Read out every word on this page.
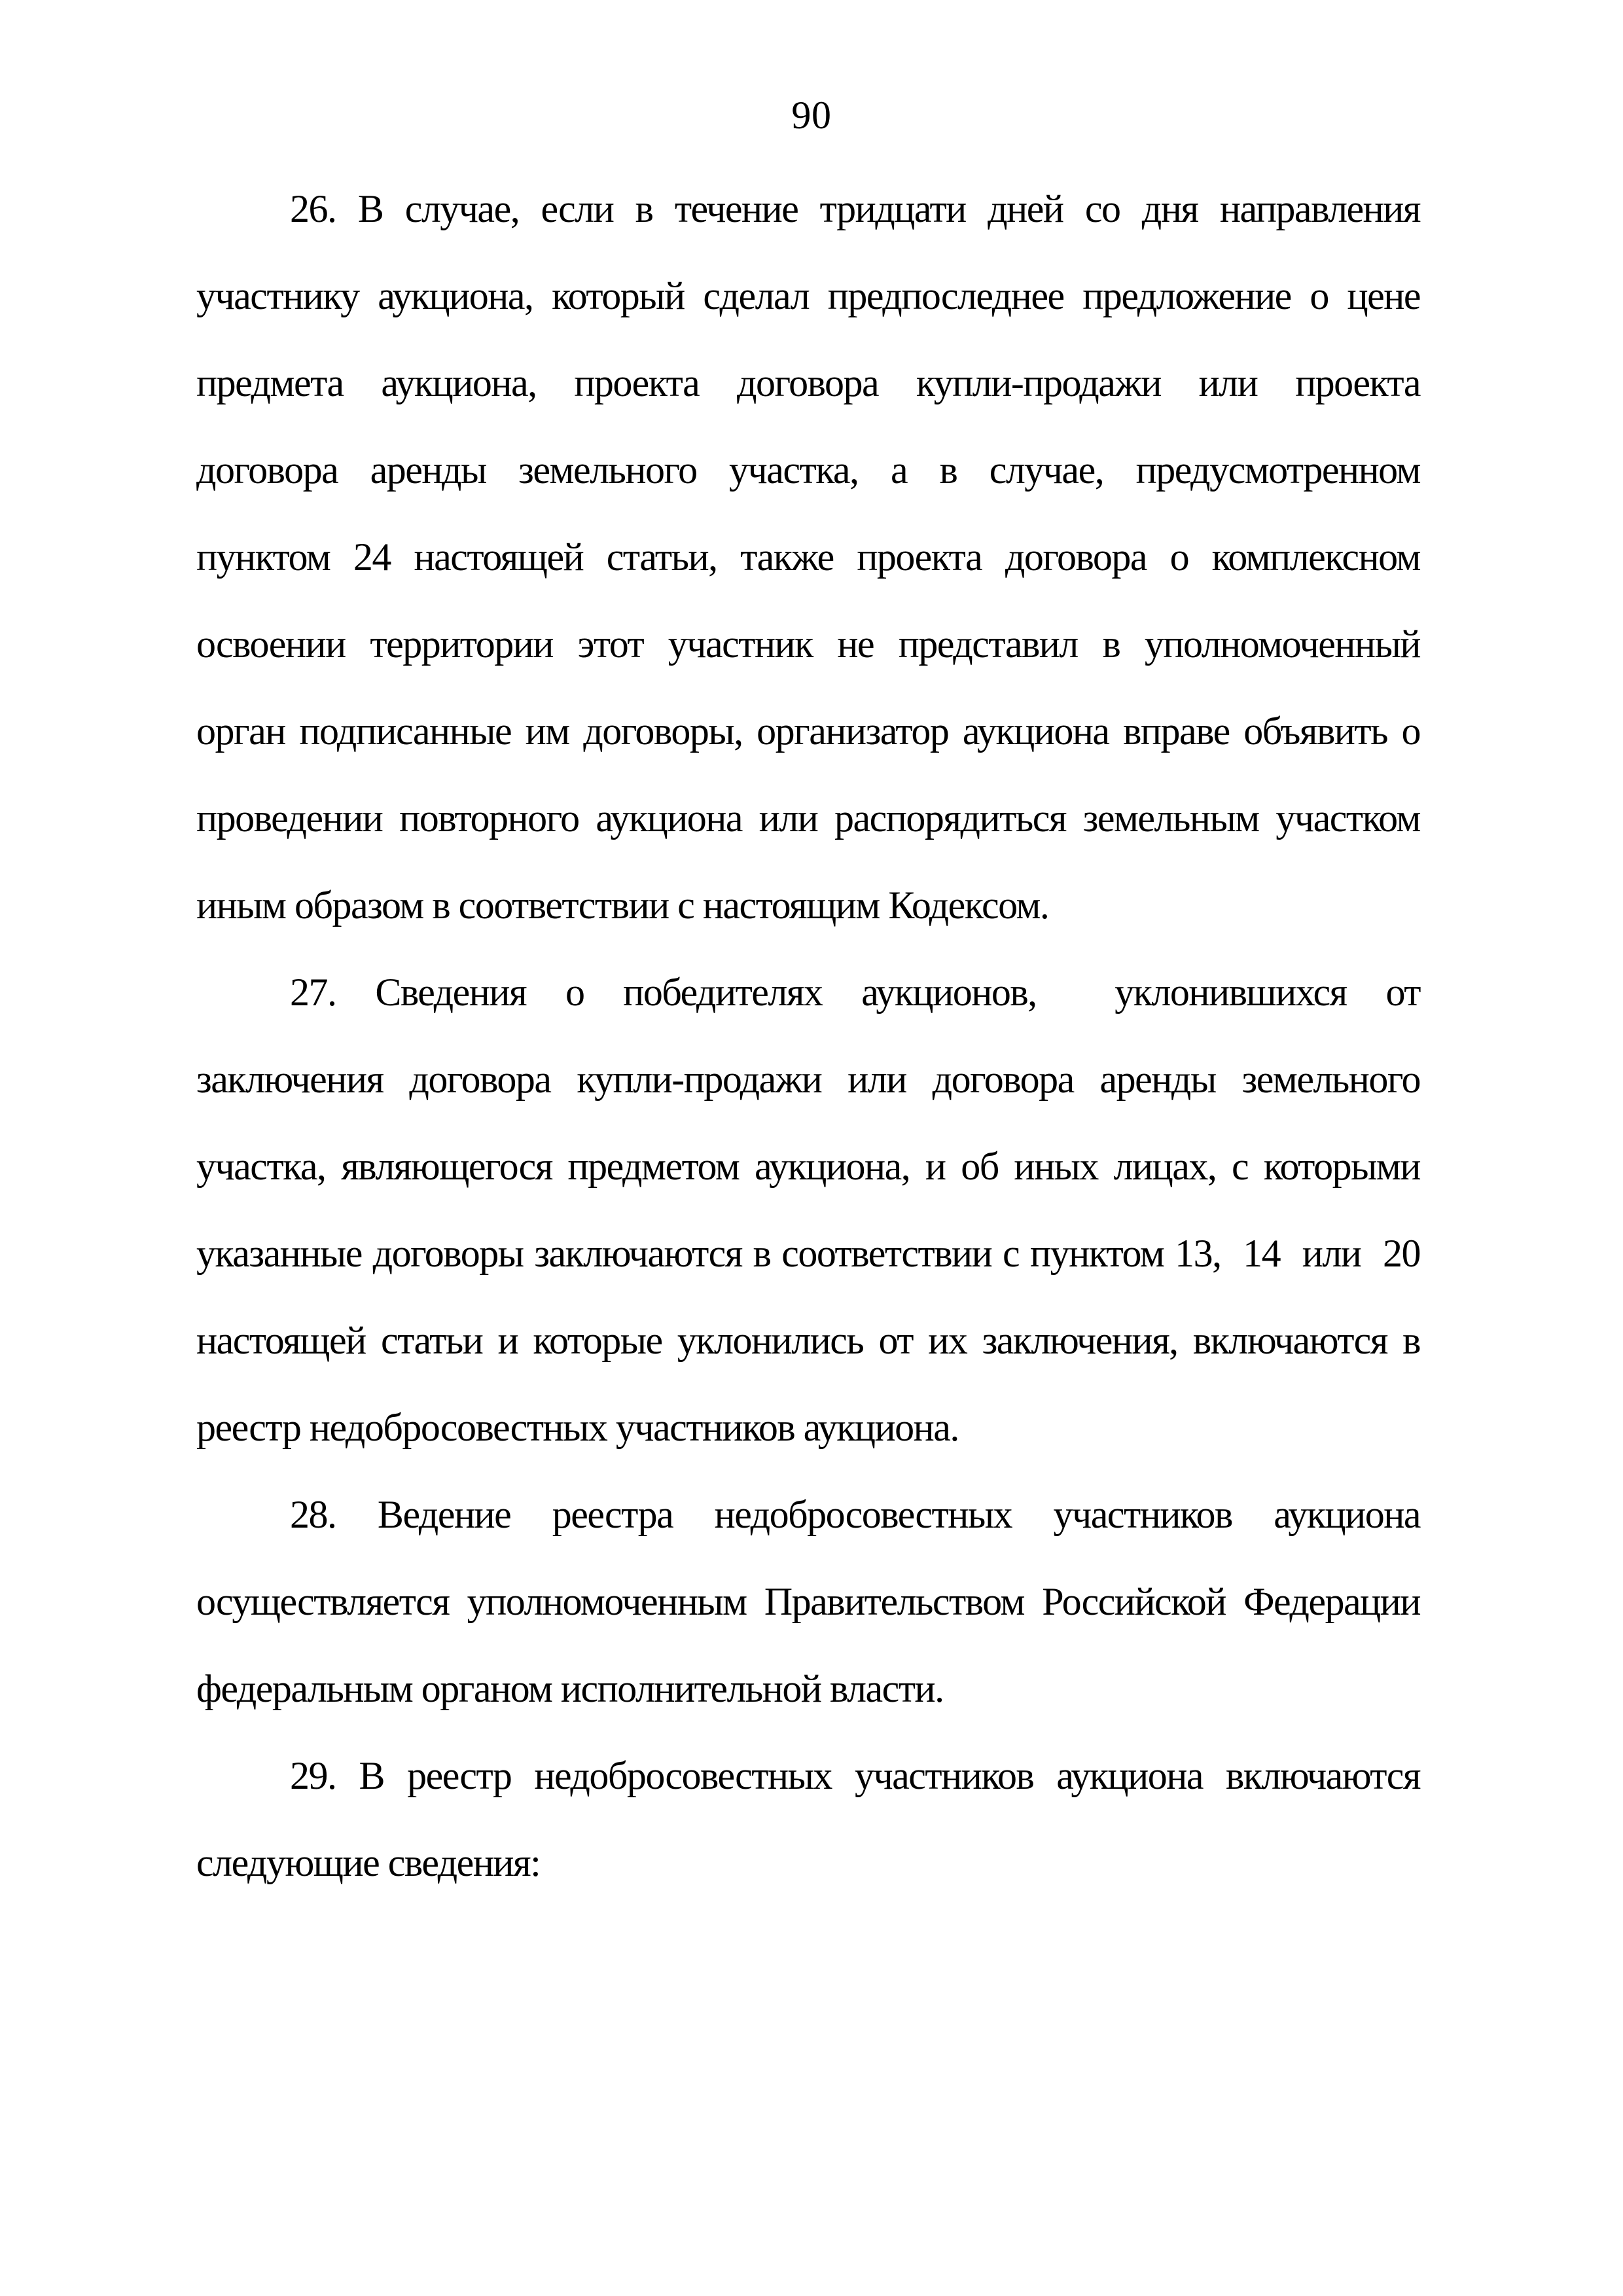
90
26. В случае, если в течение тридцати дней со дня направления
участнику аукциона, который сделал предпоследнее предложение о цене
предмета аукциона, проекта договора купли-продажи или проекта
договора аренды земельного участка, а в случае, предусмотренном
пунктом 24 настоящей статьи, также проекта договора о комплексном
освоении территории этот участник не представил в уполномоченный
орган подписанные им договоры, организатор аукциона вправе объявить о
проведении повторного аукциона или распорядиться земельным участком
иным образом в соответствии с настоящим Кодексом.
27. Сведения о победителях аукционов,  уклонившихся от
заключения договора купли-продажи или договора аренды земельного
участка, являющегося предметом аукциона, и об иных лицах, с которыми
указанные договоры заключаются в соответствии с пунктом 13,  14  или  20
настоящей статьи и которые уклонились от их заключения, включаются в
реестр недобросовестных участников аукциона.
28. Ведение реестра недобросовестных участников аукциона
осуществляется уполномоченным Правительством Российской Федерации
федеральным органом исполнительной власти.
29. В реестр недобросовестных участников аукциона включаются
следующие сведения:
